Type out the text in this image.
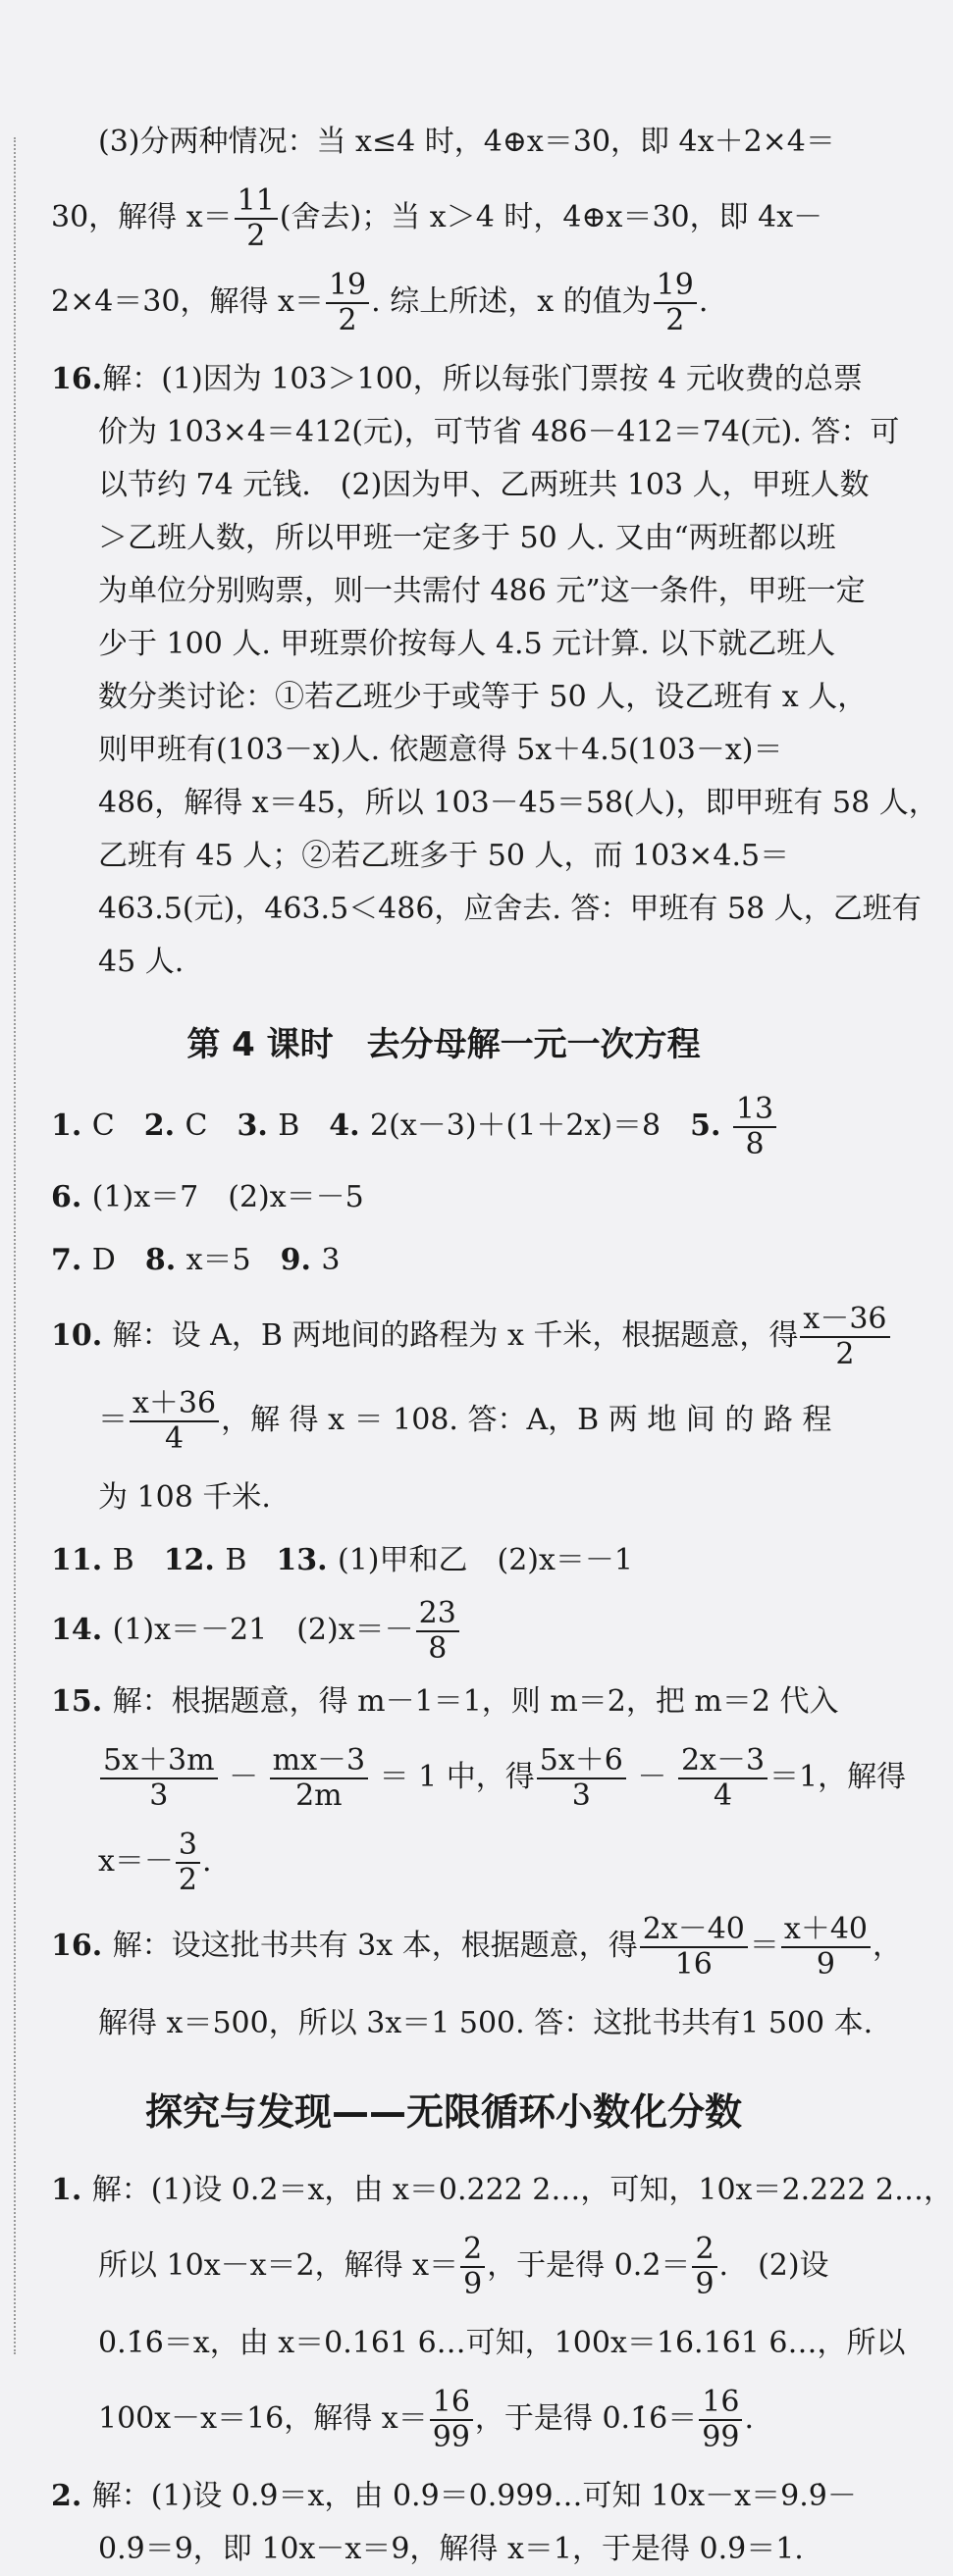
(3)分两种情况：当 x≤4 时，4⊕x＝30，即 4x＋2×4＝
30，解得 $x= \frac{11}{2}$ (舍去)；当 x＞4 时，4⊕x＝30，即 4x－
2×4＝30，解得 $x= \frac{19}{2}$ . 综上所述，x 的值为 $\frac{19}{2}$ .
16.解：(1)因为 103＞100，所以每张门票按 4 元收费的总票
价为 103×4＝412(元)，可节省 486－412＝74(元). 答：可
以节约 74 元钱.　(2)因为甲、乙两班共 103 人，甲班人数
＞乙班人数，所以甲班一定多于 50 人. 又由“两班都以班
为单位分别购票，则一共需付 486 元”这一条件，甲班一定
少于 100 人. 甲班票价按每人 4.5 元计算. 以下就乙班人
数分类讨论：①若乙班少于或等于 50 人，设乙班有 x 人，
则甲班有(103－x)人. 依题意得 5x＋4.5(103－x)＝
486，解得 x＝45，所以 103－45＝58(人)，即甲班有 58 人，
乙班有 45 人；②若乙班多于 50 人，而 103×4.5＝
463.5(元)，463.5＜486，应舍去. 答：甲班有 58 人，乙班有
45 人.
第 4 课时　去分母解一元一次方程
1. C　2. C　3. B　4. 2(x－3)＋(1＋2x)＝8　5. $\frac{13}{8}$
6. (1)x＝7　(2)x＝－5
7. D　8. x＝5　9. 3
10. 解：设 A，B 两地间的路程为 x 千米，根据题意，得 $\frac{x-36}{2}$
＝ $\frac{x+36}{4}$ ，解 得 x ＝ 108. 答：A，B 两 地 间 的 路 程
为 108 千米.
11. B　12. B　13. (1)甲和乙　(2)x＝－1
14. (1)x＝－21　$(2)x=- \frac{23}{8}$
15. 解：根据题意，得 m－1＝1，则 m＝2，把 m＝2 代入
$\frac{5x+3m}{3} - \frac{mx-3}{2m} = 1$ 中，得 $\frac{5x+6}{3} - \frac{2x-3}{4} =1$，解得
$x=- \frac{3}{2}$ .
16. 解：设这批书共有 3x 本，根据题意，得 $\frac{2x-40}{16} = \frac{x+40}{9}$ ，
解得 x＝500，所以 3x＝1 500. 答：这批书共有1 500 本.
探究与发现——无限循环小数化分数
1. 解：(1)设 0.2̇＝x，由 x＝0.222 2…，可知，10x＝2.222 2…，
所以 10x－x＝2，解得 $x= \frac{2}{9}$ ，于是得 0.2̇＝ $\frac{2}{9}$ .　(2)设
0.1̇6̇＝x，由 x＝0.161 6…可知，100x＝16.161 6…，所以
100x－x＝16，解得 $x= \frac{16}{99}$ ，于是得 0.1̇6̇＝ $\frac{16}{99}$ .
2. 解：(1)设 0.9̇＝x，由 0.9̇＝0.999…可知 10x－x＝9.9̇－
0.9̇＝9，即 10x－x＝9，解得 x＝1，于是得 0.9̇＝1.
